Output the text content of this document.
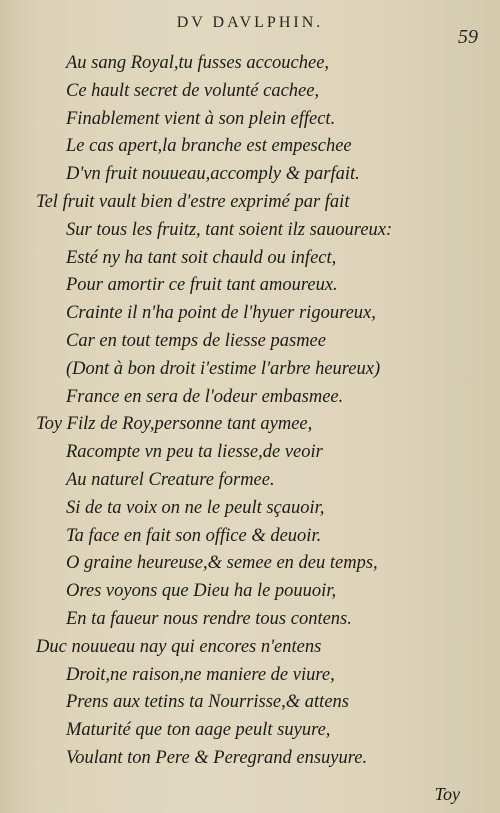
DV DAVLPHIN.
59
Au sang Royal,tu fusses accouchee,
Ce hault secret de volunté cachee,
Finablement vient à son plein effect.
Le cas apert,la branche est empeschee
D'vn fruit nouueau,accomply & parfait.
Tel fruit vault bien d'estre exprimé par fait
Sur tous les fruitz, tant soient ilz sauoureux:
Esté ny ha tant soit chauld ou infect,
Pour amortir ce fruit tant amoureux.
Crainte il n'ha point de l'hyuer rigoureux,
Car en tout temps de liesse pasmee
(Dont à bon droit i'estime l'arbre heureux)
France en sera de l'odeur embasmee.
Toy Filz de Roy,personne tant aymee,
Racompte vn peu ta liesse,de veoir
Au naturel Creature formee.
Si de ta voix on ne le peult sçauoir,
Ta face en fait son office & deuoir.
O graine heureuse,& semee en deu temps,
Ores voyons que Dieu ha le pouuoir,
En ta faueur nous rendre tous contens.
Duc nouueau nay qui encores n'entens
Droit,ne raison,ne maniere de viure,
Prens aux tetins ta Nourrisse,& attens
Maturité que ton aage peult suyure,
Voulant ton Pere & Peregrand ensuyure.
Toy
